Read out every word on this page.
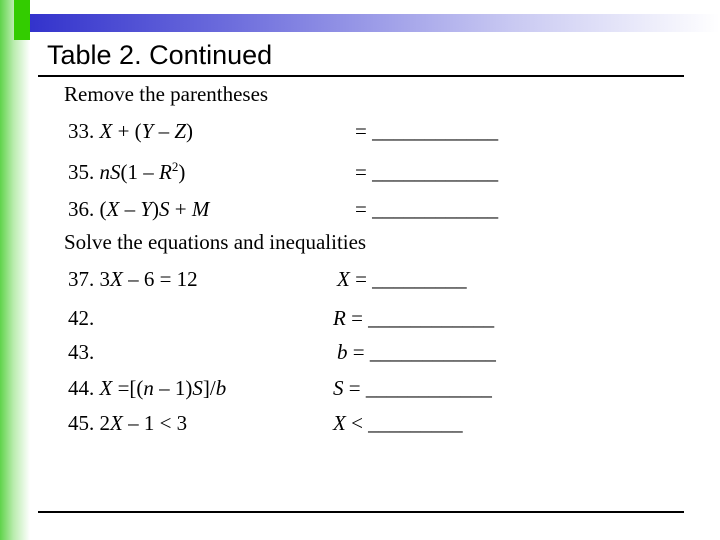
Table 2. Continued
Remove the parentheses
33. X + (Y – Z)	= ____________
35. $nS(1 - R^2)$	= ____________
36. (X – Y)S + M	= ____________
Solve the equations and inequalities
37. 3X – 6 = 12	X = _________
42.	R = ____________
43.	b = ____________
44. X =[(n – 1)S]/b	S = ____________
45. 2X – 1 < 3	X < _________
